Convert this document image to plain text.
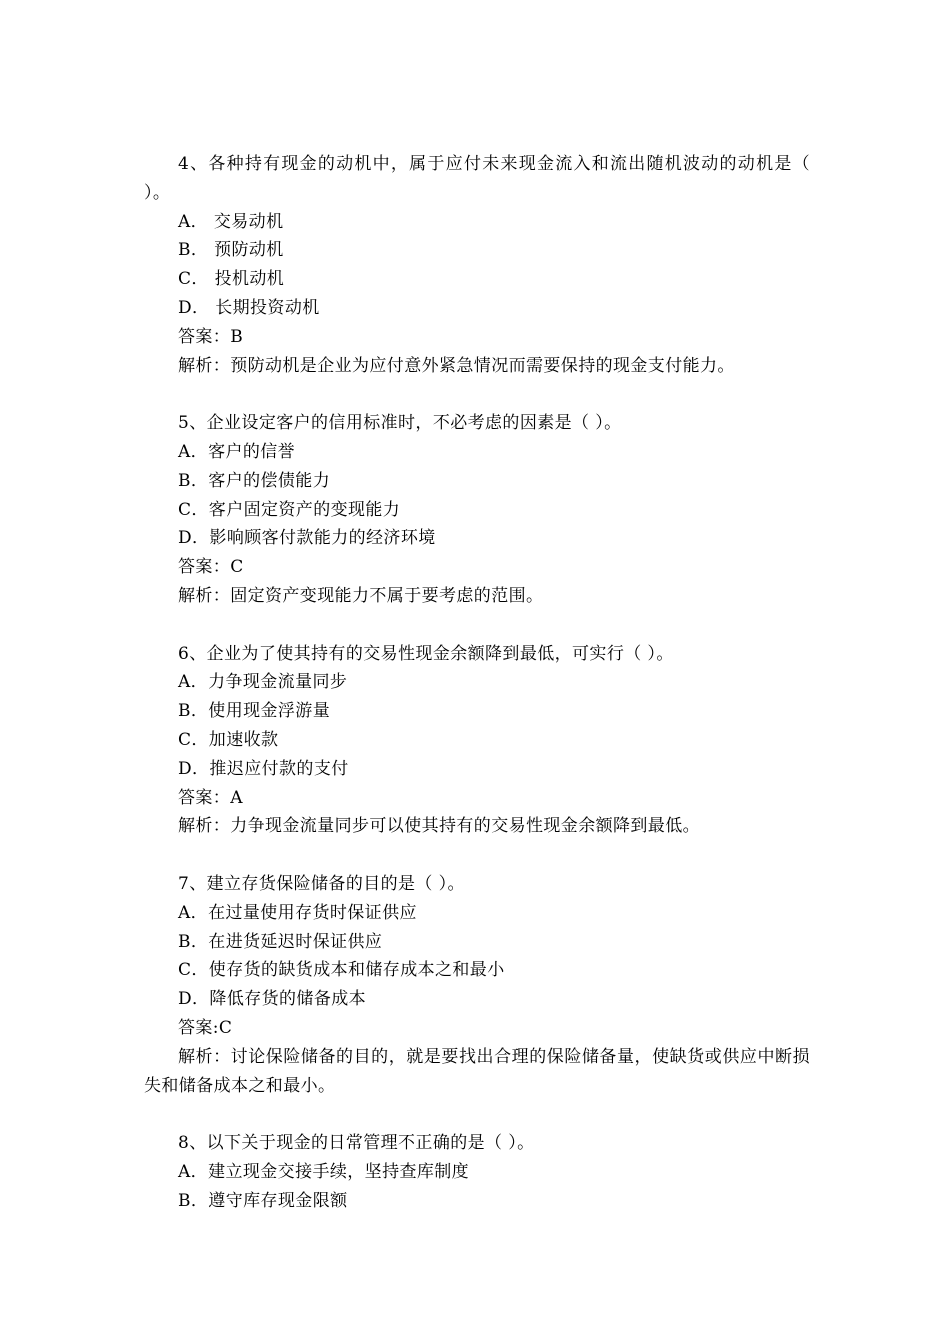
4、各种持有现金的动机中，属于应付未来现金流入和流出随机波动的动机是（ ）。
A． 交易动机
B． 预防动机
C． 投机动机
D． 长期投资动机
答案：B
解析：预防动机是企业为应付意外紧急情况而需要保持的现金支付能力。
5、企业设定客户的信用标准时，不必考虑的因素是（ ）。
A．客户的信誉
B．客户的偿债能力
C．客户固定资产的变现能力
D．影响顾客付款能力的经济环境
答案：C
解析：固定资产变现能力不属于要考虑的范围。
6、企业为了使其持有的交易性现金余额降到最低，可实行（ ）。
A．力争现金流量同步
B．使用现金浮游量
C．加速收款
D．推迟应付款的支付
答案：A
解析：力争现金流量同步可以使其持有的交易性现金余额降到最低。
7、建立存货保险储备的目的是（ ）。
A．在过量使用存货时保证供应
B．在进货延迟时保证供应
C．使存货的缺货成本和储存成本之和最小
D．降低存货的储备成本
答案:C
解析：讨论保险储备的目的，就是要找出合理的保险储备量，使缺货或供应中断损失和储备成本之和最小。
8、以下关于现金的日常管理不正确的是（ ）。
A．建立现金交接手续，坚持查库制度
B．遵守库存现金限额
